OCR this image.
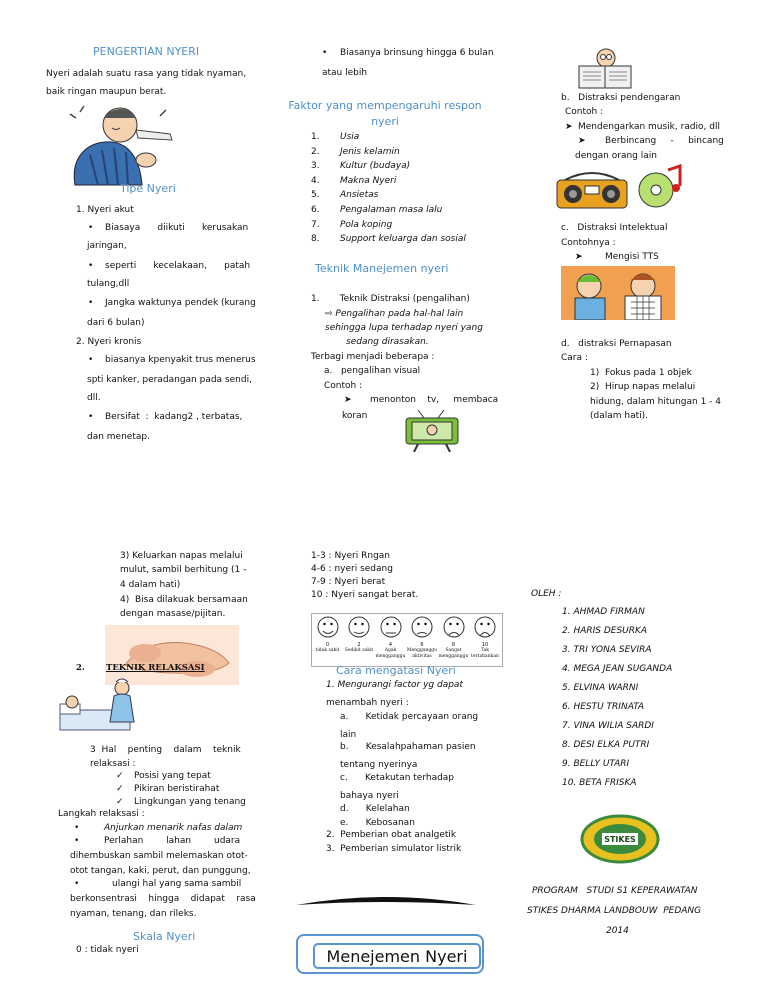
PENGERTIAN NYERI
Nyeri adalah suatu rasa yang tidak nyaman,
baik ringan maupun berat.
Tipe Nyeri
1. Nyeri akut
• Biasaya      diikuti      kerusakan
jaringan,
• seperti      kecelakaan,      patah
tulang,dll
• Jangka waktunya pendek (kurang
dari 6 bulan)
2. Nyeri kronis
• biasanya kpenyakit trus menerus
spti kanker, peradangan pada sendi,
dll.
• Bersifat  :  kadang2 , terbatas,
dan menetap.
• Biasanya brinsung hingga 6 bulan
atau lebih
Faktor yang mempengaruhi respon
nyeri
1. Usia
2. Jenis kelamin
3. Kultur (budaya)
4. Makna Nyeri
5. Ansietas
6. Pengalaman masa lalu
7. Pola koping
8. Support keluarga dan sosial
Teknik Manejemen nyeri
1.       Teknik Distraksi (pengalihan)
⇨ Pengalihan pada hal-hal lain
sehingga lupa terhadap nyeri yang
sedang dirasakan.
Terbagi menjadi beberapa :
a.   pengalihan visual
Contoh :
➤ menonton    tv,     membaca
koran
b.   Distraksi pendengaran
Contoh :
➤ Mendengarkan musik, radio, dll
➤ Berbincang     -     bincang
dengan orang lain
c.   Distraksi Intelektual
Contohnya :
➤ Mengisi TTS
d.   distraksi Pernapasan
Cara :
1)  Fokus pada 1 objek
2)  Hirup napas melalui
hidung, dalam hitungan 1 - 4
(dalam hati).
3) Keluarkan napas melalui
mulut, sambil berhitung (1 -
4 dalam hati)
4)  Bisa dilakuak bersamaan
dengan masase/pijitan.
2. TEKNIK RELAKSASI
3  Hal    penting    dalam    teknik
relaksasi :
✓ Posisi yang tepat
✓ Pikiran beristirahat
✓ Lingkungan yang tenang
Langkah relaksasi :
•	Anjurkan menarik nafas dalam
•	Perlahan        lahan        udara
dihembuskan sambil melemaskan otot-
otot tangan, kaki, perut, dan punggung,
•	ulangi hal yang sama sambil
berkonsentrasi    hingga    didapat    rasa
nyaman, tenang, dan rileks.
Skala Nyeri
0 : tidak nyeri
1-3 : Nyeri Rngan
4-6 : nyeri sedang
7-9 : Nyeri berat
10 : Nyeri sangat berat.
0
tidak sakit
2
Sedikit sakit
4
Agak mengganggu
6
Mengganggu aktivitas
8
Sangat mengganggu
10
Tak tertahankan
Cara mengatasi Nyeri
1. Mengurangi factor yg dapat
menambah nyeri :
a.      Ketidak percayaan orang
lain
b.      Kesalahpahaman pasien
tentang nyerinya
c.      Ketakutan terhadap
bahaya nyeri
d.      Kelelahan
e.      Kebosanan
2.  Pemberian obat analgetik
3.  Pemberian simulator listrik
Menejemen Nyeri
OLEH :
1. AHMAD FIRMAN
2. HARIS DESURKA
3. TRI YONA SEVIRA
4. MEGA JEAN SUGANDA
5. ELVINA WARNI
6. HESTU TRINATA
7. VINA WILIA SARDI
8. DESI ELKA PUTRI
9. BELLY UTARI
10. BETA FRISKA
STIKES
PROGRAM   STUDI S1 KEPERAWATAN
STIKES DHARMA LANDBOUW  PEDANG
2014
